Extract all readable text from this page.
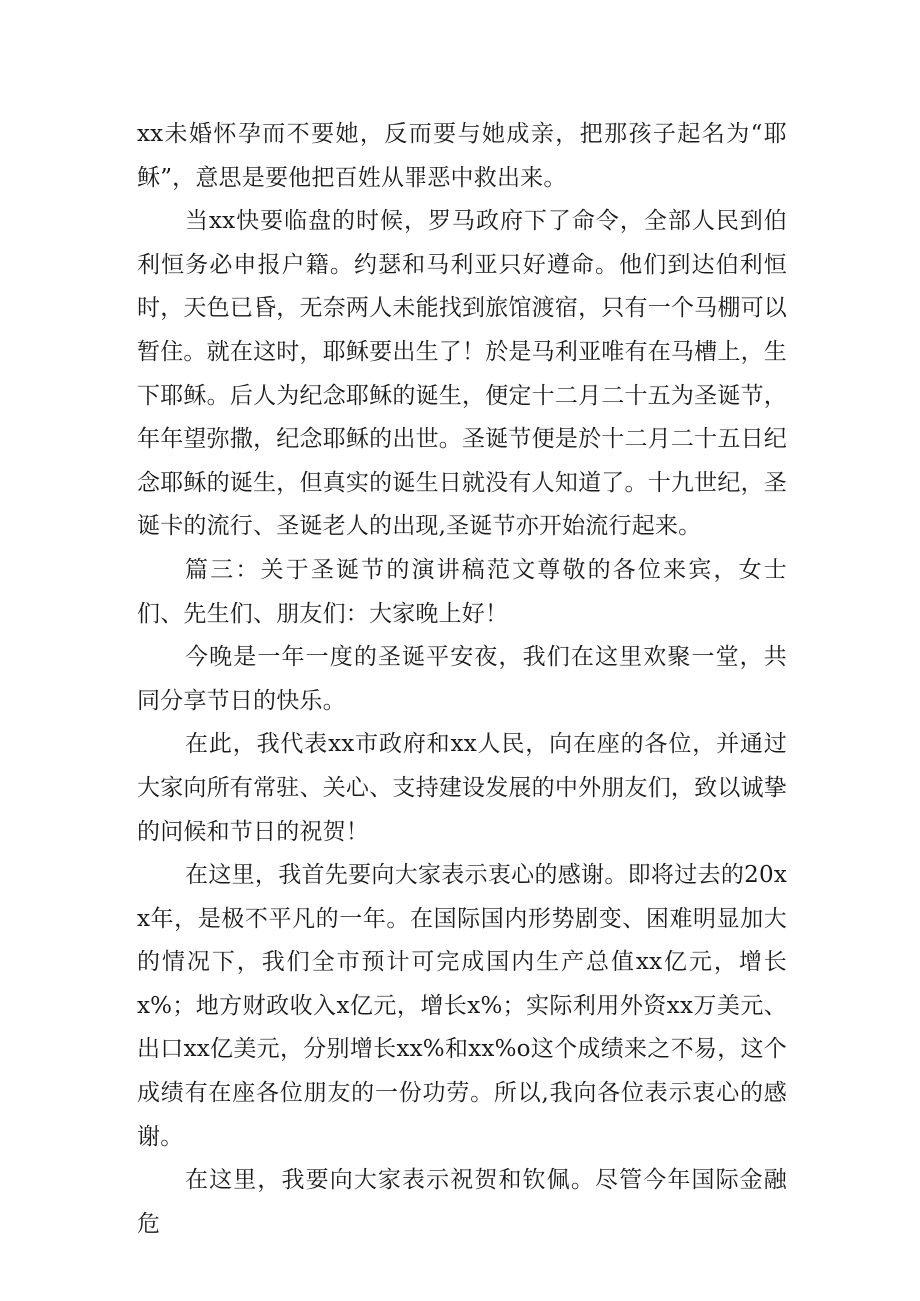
xx未婚怀孕而不要她，反而要与她成亲，把那孩子起名为“耶稣”，意思是要他把百姓从罪恶中救出来。

当xx快要临盘的时候，罗马政府下了命令，全部人民到伯利恒务必申报户籍。约瑟和马利亚只好遵命。他们到达伯利恒时，天色已昏，无奈两人未能找到旅馆渡宿，只有一个马棚可以暂住。就在这时，耶稣要出生了！於是马利亚唯有在马槽上，生下耶稣。后人为纪念耶稣的诞生，便定十二月二十五为圣诞节，年年望弥撒，纪念耶稣的出世。圣诞节便是於十二月二十五日纪念耶稣的诞生，但真实的诞生日就没有人知道了。十九世纪，圣诞卡的流行、圣诞老人的出现,圣诞节亦开始流行起来。

篇三：关于圣诞节的演讲稿范文尊敬的各位来宾，女士们、先生们、朋友们：大家晚上好！

今晚是一年一度的圣诞平安夜，我们在这里欢聚一堂，共同分享节日的快乐。

在此，我代表xx市政府和xx人民，向在座的各位，并通过大家向所有常驻、关心、支持建设发展的中外朋友们，致以诚挚的问候和节日的祝贺！

在这里，我首先要向大家表示衷心的感谢。即将过去的20xx年，是极不平凡的一年。在国际国内形势剧变、困难明显加大的情况下，我们全市预计可完成国内生产总值xx亿元，增长x%；地方财政收入x亿元，增长x%；实际利用外资xx万美元、出口xx亿美元，分别增长xx%和xx%o这个成绩来之不易，这个成绩有在座各位朋友的一份功劳。所以,我向各位表示衷心的感谢。

在这里，我要向大家表示祝贺和钦佩。尽管今年国际金融危
